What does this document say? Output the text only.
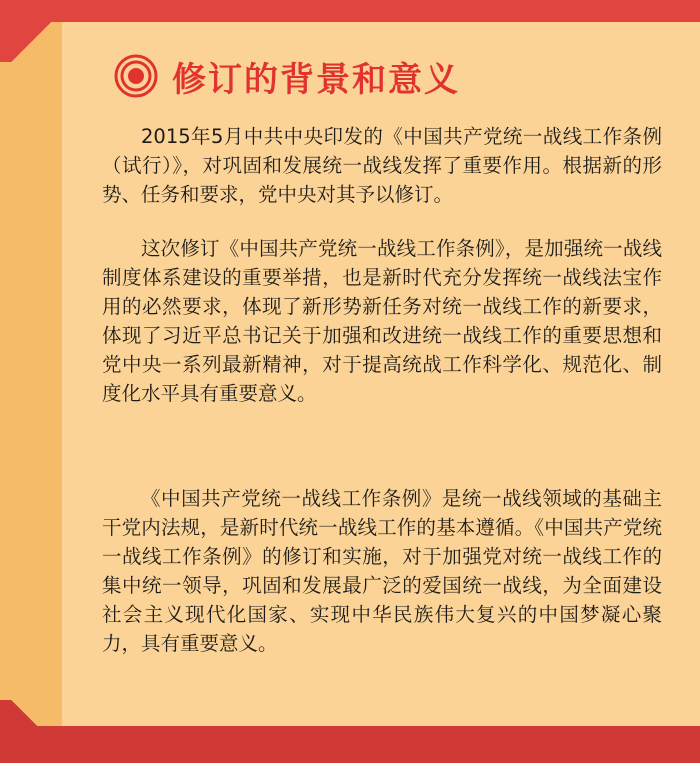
修订的背景和意义

2015年5月中共中央印发的《中国共产党统一战线工作条例（试行）》，对巩固和发展统一战线发挥了重要作用。根据新的形势、任务和要求，党中央对其予以修订。

这次修订《中国共产党统一战线工作条例》，是加强统一战线制度体系建设的重要举措，也是新时代充分发挥统一战线法宝作用的必然要求，体现了新形势新任务对统一战线工作的新要求，体现了习近平总书记关于加强和改进统一战线工作的重要思想和党中央一系列最新精神，对于提高统战工作科学化、规范化、制度化水平具有重要意义。

《中国共产党统一战线工作条例》是统一战线领域的基础主干党内法规，是新时代统一战线工作的基本遵循。《中国共产党统一战线工作条例》的修订和实施，对于加强党对统一战线工作的集中统一领导，巩固和发展最广泛的爱国统一战线，为全面建设社会主义现代化国家、实现中华民族伟大复兴的中国梦凝心聚力，具有重要意义。
